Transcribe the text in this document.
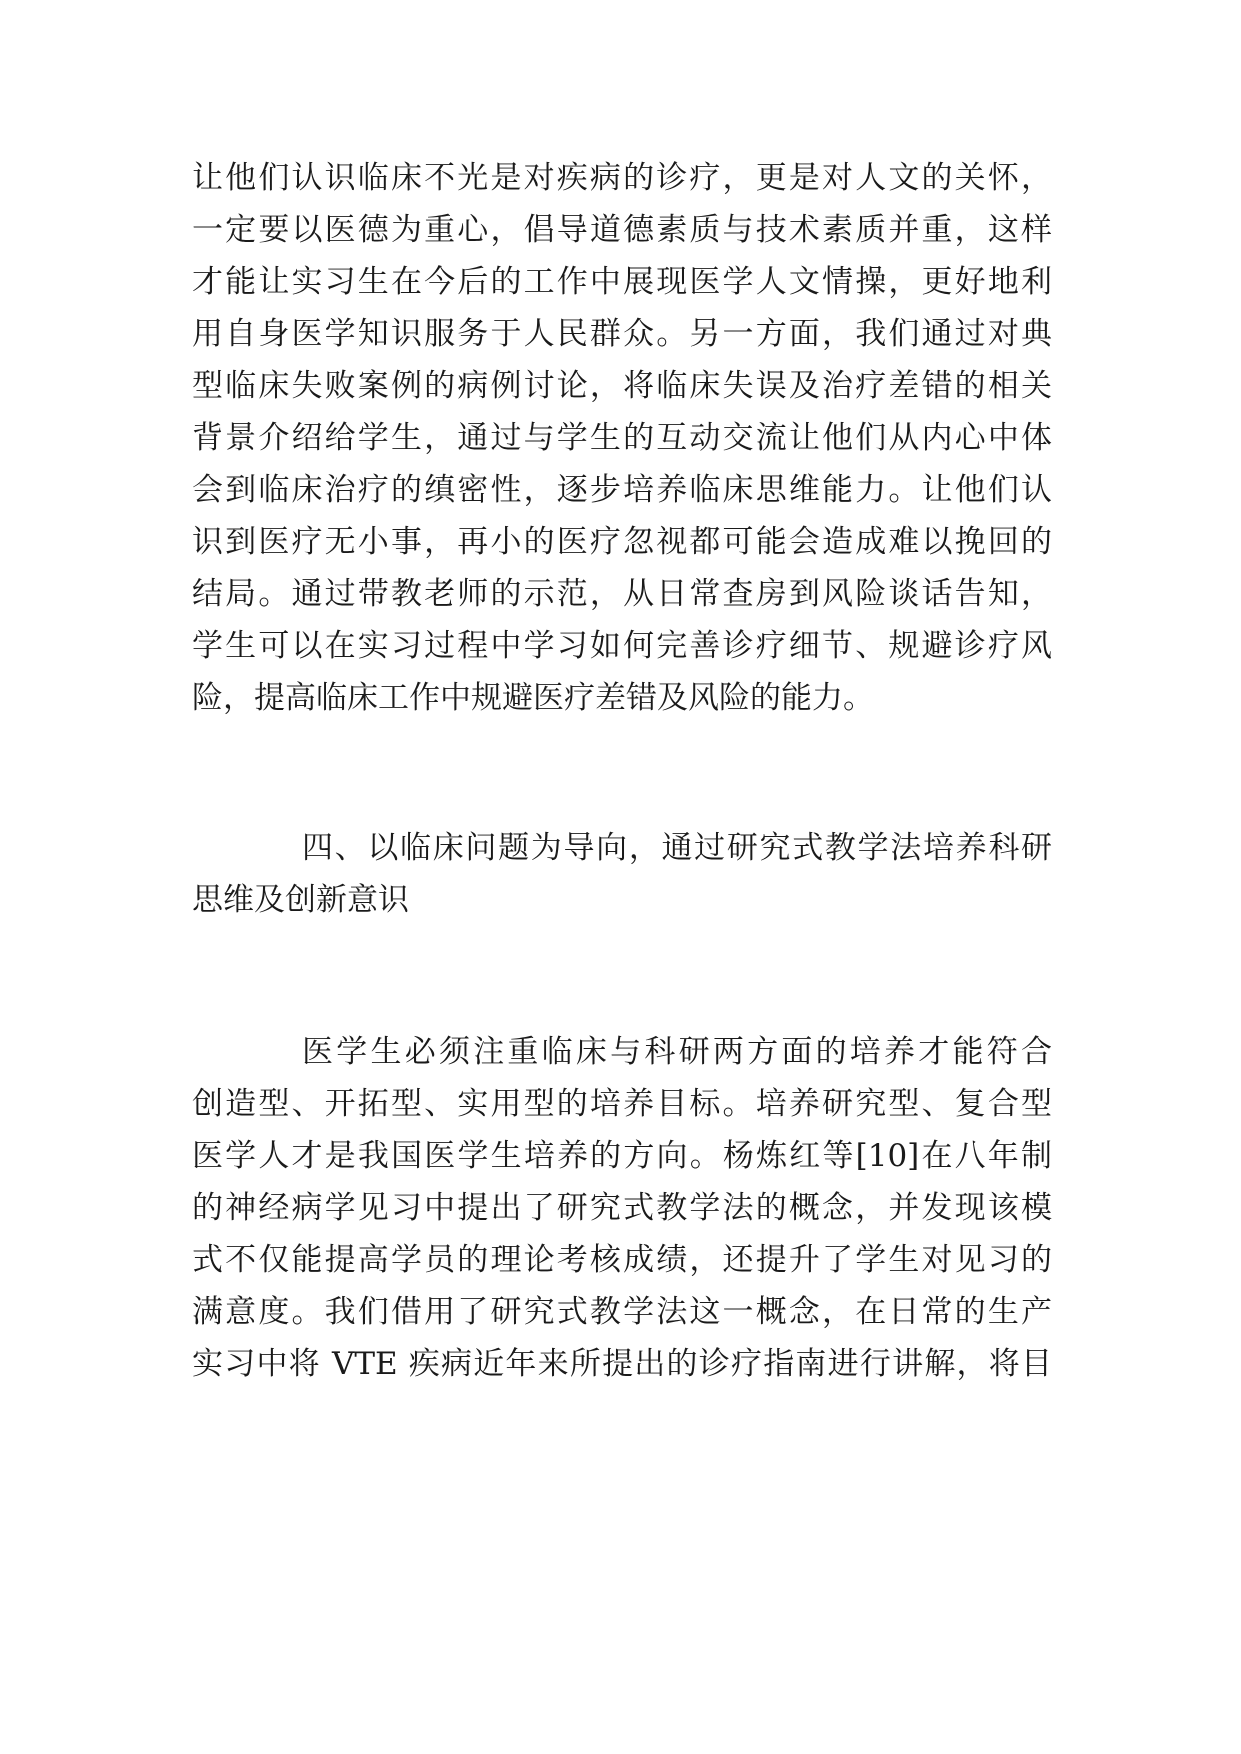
让他们认识临床不光是对疾病的诊疗，更是对人文的关怀，
一定要以医德为重心，倡导道德素质与技术素质并重，这样
才能让实习生在今后的工作中展现医学人文情操，更好地利
用自身医学知识服务于人民群众。另一方面，我们通过对典
型临床失败案例的病例讨论，将临床失误及治疗差错的相关
背景介绍给学生，通过与学生的互动交流让他们从内心中体
会到临床治疗的缜密性，逐步培养临床思维能力。让他们认
识到医疗无小事，再小的医疗忽视都可能会造成难以挽回的
结局。通过带教老师的示范，从日常查房到风险谈话告知，
学生可以在实习过程中学习如何完善诊疗细节、规避诊疗风
险，提高临床工作中规避医疗差错及风险的能力。
四、以临床问题为导向，通过研究式教学法培养科研
思维及创新意识
医学生必须注重临床与科研两方面的培养才能符合
创造型、开拓型、实用型的培养目标。培养研究型、复合型
医学人才是我国医学生培养的方向。杨炼红等[10]在八年制
的神经病学见习中提出了研究式教学法的概念，并发现该模
式不仅能提高学员的理论考核成绩，还提升了学生对见习的
满意度。我们借用了研究式教学法这一概念，在日常的生产
实习中将 VTE 疾病近年来所提出的诊疗指南进行讲解，将目
